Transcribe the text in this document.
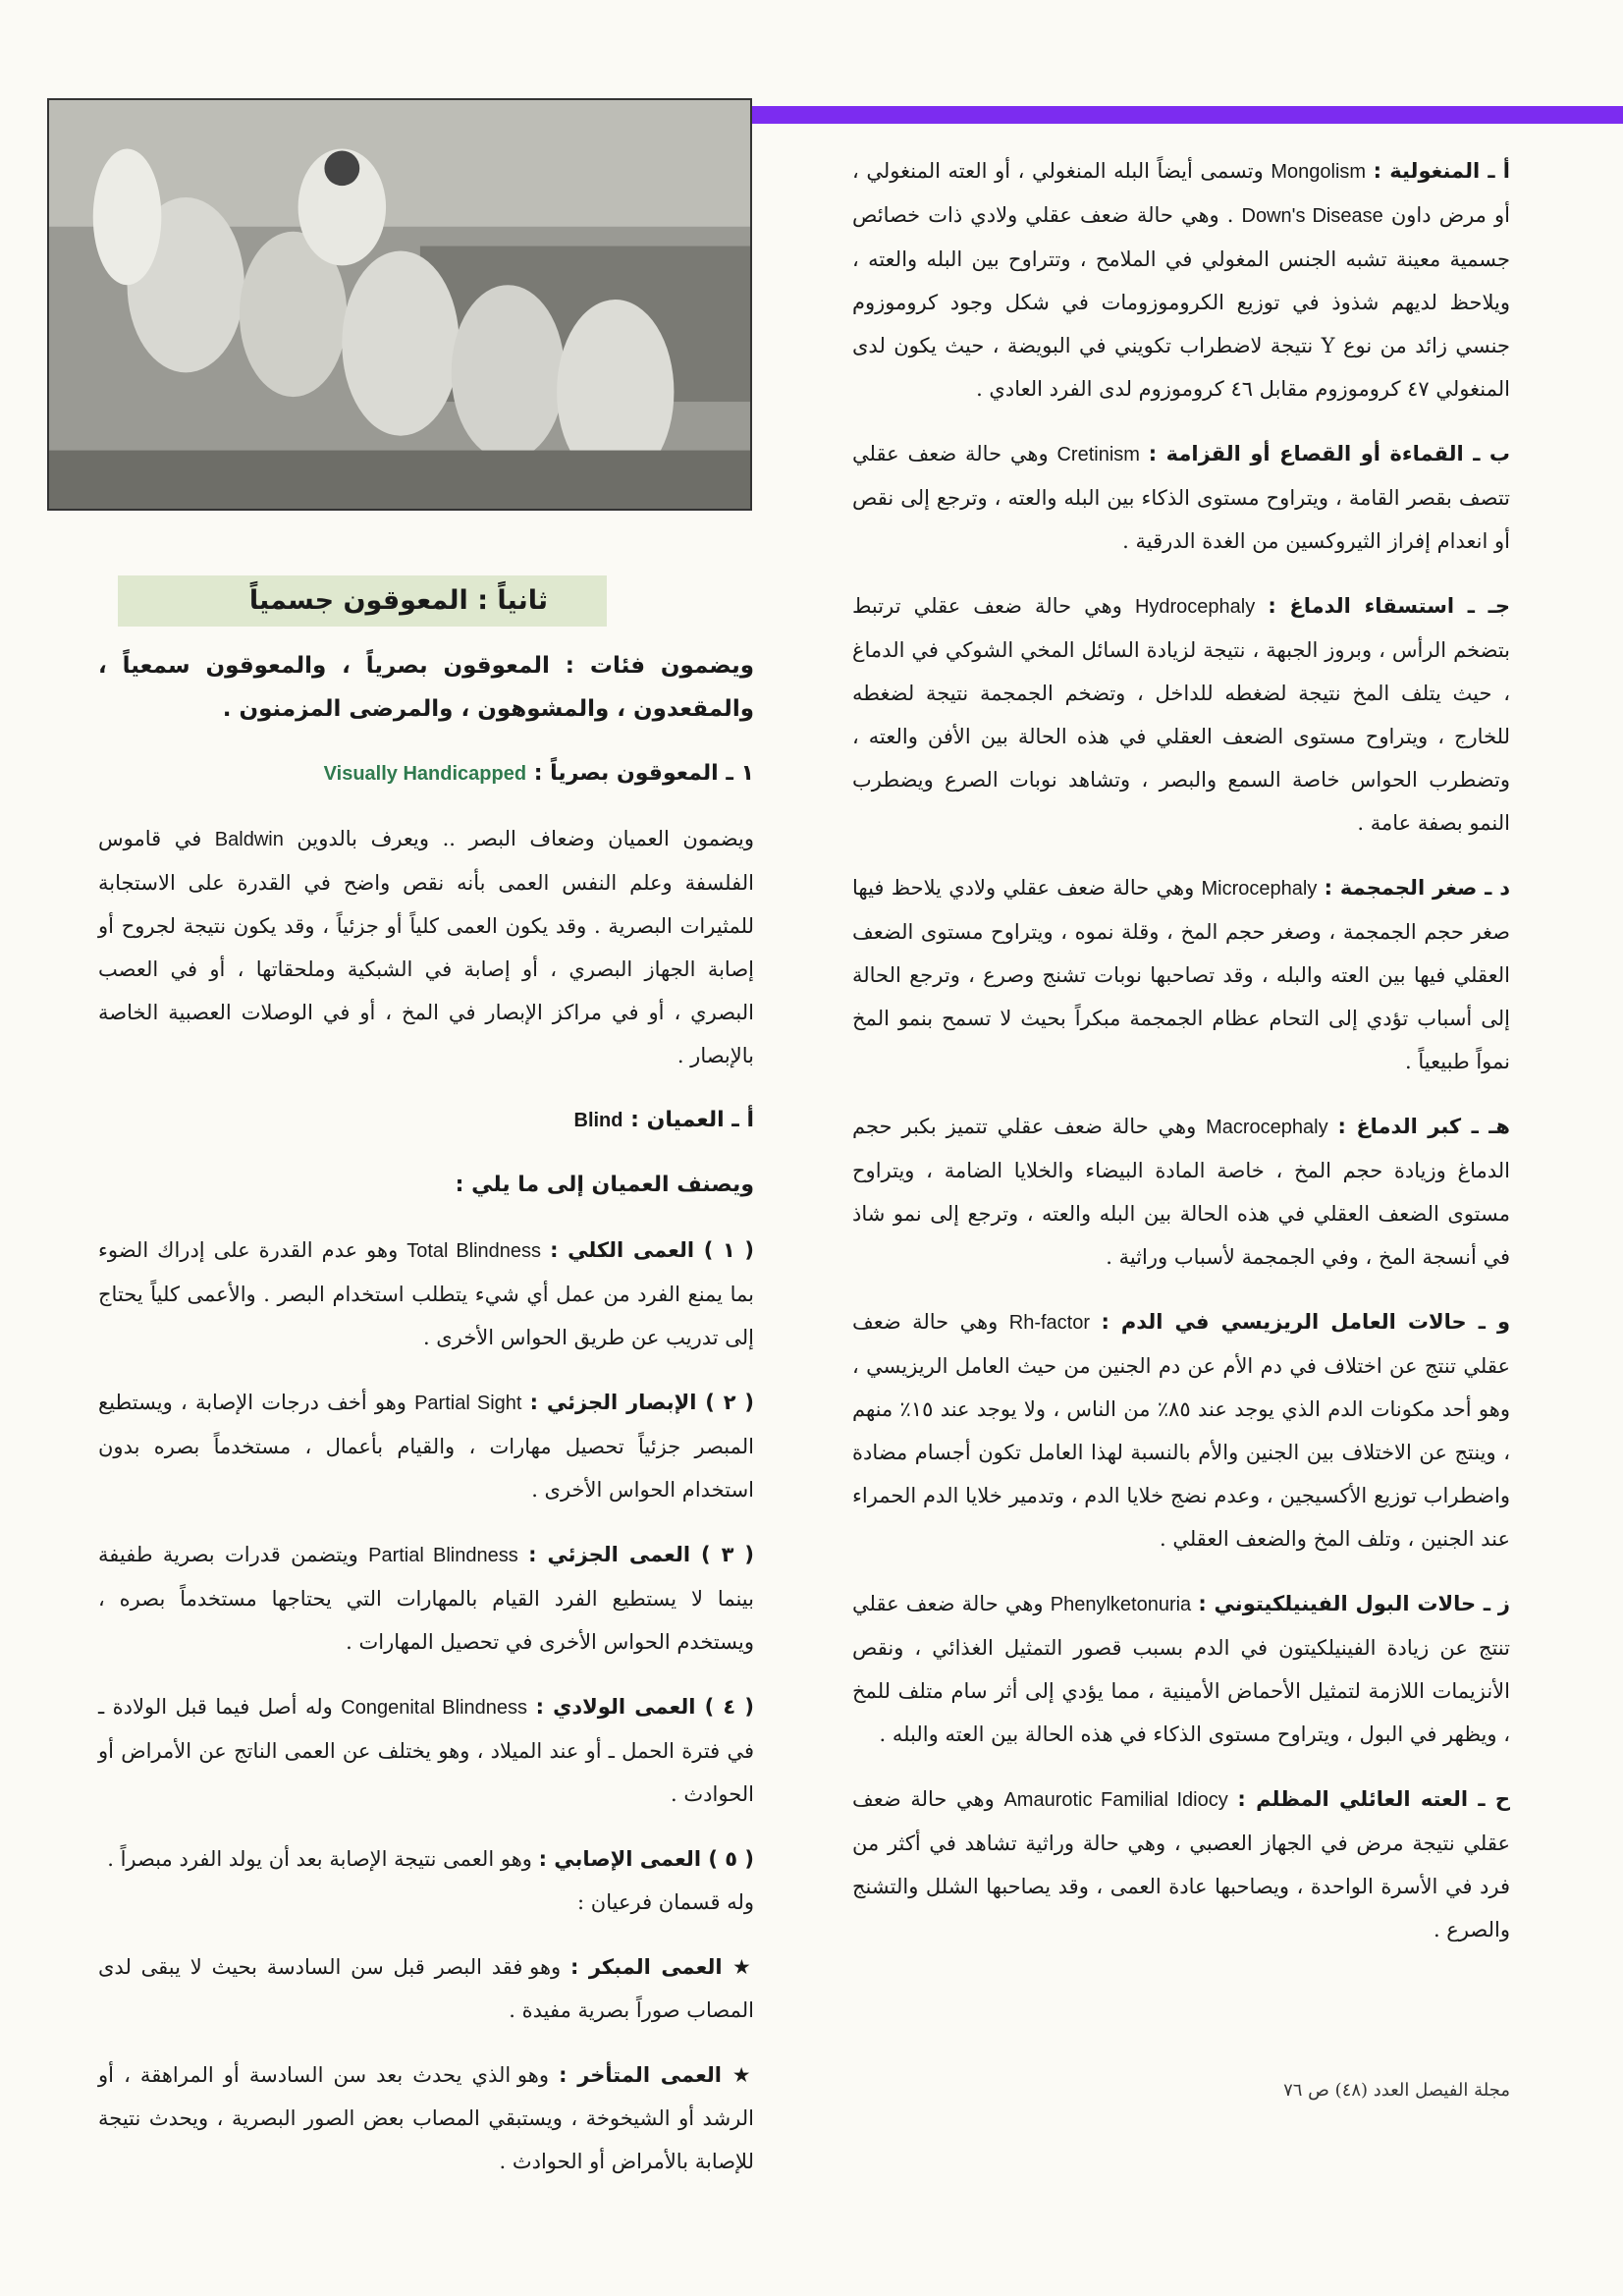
أ ـ المنغولية : Mongolism وتسمى أيضاً البله المنغولي ، أو العته المنغولي ، أو مرض داون Down's Disease . وهي حالة ضعف عقلي ولادي ذات خصائص جسمية معينة تشبه الجنس المغولي في الملامح ، وتتراوح بين البله والعته ، ويلاحظ لديهم شذوذ في توزيع الكروموزومات في شكل وجود كروموزوم جنسي زائد من نوع Y نتيجة لاضطراب تكويني في البويضة ، حيث يكون لدى المنغولي ٤٧ كروموزوم مقابل ٤٦ كروموزوم لدى الفرد العادي .

ب ـ القماءة أو القصاع أو القزامة : Cretinism وهي حالة ضعف عقلي تتصف بقصر القامة ، ويتراوح مستوى الذكاء بين البله والعته ، وترجع إلى نقص أو انعدام إفراز الثيروكسين من الغدة الدرقية .

جـ ـ استسقاء الدماغ : Hydrocephaly وهي حالة ضعف عقلي ترتبط بتضخم الرأس ، وبروز الجبهة ، نتيجة لزيادة السائل المخي الشوكي في الدماغ ، حيث يتلف المخ نتيجة لضغطه للداخل ، وتضخم الجمجمة نتيجة لضغطه للخارج ، ويتراوح مستوى الضعف العقلي في هذه الحالة بين الأفن والعته ، وتضطرب الحواس خاصة السمع والبصر ، وتشاهد نوبات الصرع ويضطرب النمو بصفة عامة .

د ـ صغر الجمجمة : Microcephaly وهي حالة ضعف عقلي ولادي يلاحظ فيها صغر حجم الجمجمة ، وصغر حجم المخ ، وقلة نموه ، ويتراوح مستوى الضعف العقلي فيها بين العته والبله ، وقد تصاحبها نوبات تشنج وصرع ، وترجع الحالة إلى أسباب تؤدي إلى التحام عظام الجمجمة مبكراً بحيث لا تسمح بنمو المخ نمواً طبيعياً .

هـ ـ كبر الدماغ : Macrocephaly وهي حالة ضعف عقلي تتميز بكبر حجم الدماغ وزيادة حجم المخ ، خاصة المادة البيضاء والخلايا الضامة ، ويتراوح مستوى الضعف العقلي في هذه الحالة بين البله والعته ، وترجع إلى نمو شاذ في أنسجة المخ ، وفي الجمجمة لأسباب وراثية .

و ـ حالات العامل الريزيسي في الدم : Rh-factor وهي حالة ضعف عقلي تنتج عن اختلاف في دم الأم عن دم الجنين من حيث العامل الريزيسي ، وهو أحد مكونات الدم الذي يوجد عند ٨٥٪ من الناس ، ولا يوجد عند ١٥٪ منهم ، وينتج عن الاختلاف بين الجنين والأم بالنسبة لهذا العامل تكون أجسام مضادة واضطراب توزيع الأكسيجين ، وعدم نضج خلايا الدم ، وتدمير خلايا الدم الحمراء عند الجنين ، وتلف المخ والضعف العقلي .

ز ـ حالات البول الفينيلكيتوني : Phenylketonuria وهي حالة ضعف عقلي تنتج عن زيادة الفينيلكيتون في الدم بسبب قصور التمثيل الغذائي ، ونقص الأنزيمات اللازمة لتمثيل الأحماض الأمينية ، مما يؤدي إلى أثر سام متلف للمخ ، ويظهر في البول ، ويتراوح مستوى الذكاء في هذه الحالة بين العته والبله .

ح ـ العته العائلي المظلم : Amaurotic Familial Idiocy وهي حالة ضعف عقلي نتيجة مرض في الجهاز العصبي ، وهي حالة وراثية تشاهد في أكثر من فرد في الأسرة الواحدة ، ويصاحبها عادة العمى ، وقد يصاحبها الشلل والتشنج والصرع .

ثانياً : المعوقون جسمياً

ويضمون فئات : المعوقون بصرياً ، والمعوقون سمعياً ، والمقعدون ، والمشوهون ، والمرضى المزمنون .

١ ـ المعوقون بصرياً : Visually Handicapped

ويضمون العميان وضعاف البصر .. ويعرف بالدوين Baldwin في قاموس الفلسفة وعلم النفس العمى بأنه نقص واضح في القدرة على الاستجابة للمثيرات البصرية . وقد يكون العمى كلياً أو جزئياً ، وقد يكون نتيجة لجروح أو إصابة الجهاز البصري ، أو إصابة في الشبكية وملحقاتها ، أو في العصب البصري ، أو في مراكز الإبصار في المخ ، أو في الوصلات العصبية الخاصة بالإبصار .

أ ـ العميان : Blind

ويصنف العميان إلى ما يلي :

( ١ ) العمى الكلي : Total Blindness وهو عدم القدرة على إدراك الضوء بما يمنع الفرد من عمل أي شيء يتطلب استخدام البصر . والأعمى كلياً يحتاج إلى تدريب عن طريق الحواس الأخرى .

( ٢ ) الإبصار الجزئي : Partial Sight وهو أخف درجات الإصابة ، ويستطيع المبصر جزئياً تحصيل مهارات ، والقيام بأعمال ، مستخدماً بصره بدون استخدام الحواس الأخرى .

( ٣ ) العمى الجزئي : Partial Blindness ويتضمن قدرات بصرية طفيفة بينما لا يستطيع الفرد القيام بالمهارات التي يحتاجها مستخدماً بصره ، ويستخدم الحواس الأخرى في تحصيل المهارات .

( ٤ ) العمى الولادي : Congenital Blindness وله أصل فيما قبل الولادة ـ في فترة الحمل ـ أو عند الميلاد ، وهو يختلف عن العمى الناتج عن الأمراض أو الحوادث .

( ٥ ) العمى الإصابي : وهو العمى نتيجة الإصابة بعد أن يولد الفرد مبصراً .
وله قسمان فرعيان :

★ العمى المبكر : وهو فقد البصر قبل سن السادسة بحيث لا يبقى لدى المصاب صوراً بصرية مفيدة .

★ العمى المتأخر : وهو الذي يحدث بعد سن السادسة أو المراهقة ، أو الرشد أو الشيخوخة ، ويستبقي المصاب بعض الصور البصرية ، ويحدث نتيجة للإصابة بالأمراض أو الحوادث .

مجلة الفيصل العدد (٤٨) ص ٧٦
